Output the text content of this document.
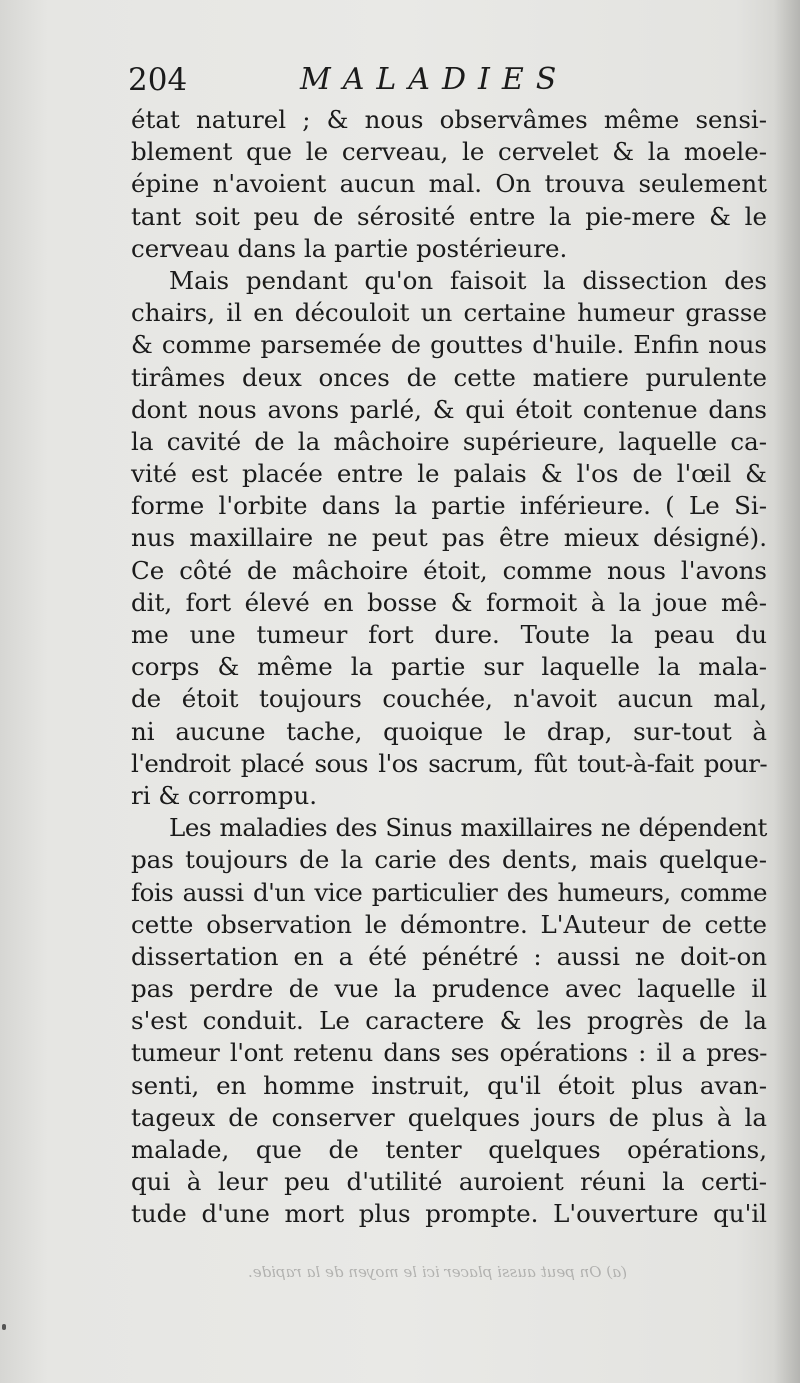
204	MALADIES
état naturel ; & nous observâmes même sensi-
blement que le cerveau, le cervelet & la moele-
épine n'avoient aucun mal. On trouva seulement
tant soit peu de sérosité entre la pie-mere & le
cerveau dans la partie postérieure.
Mais pendant qu'on faisoit la dissection des
chairs, il en découloit un certaine humeur grasse
& comme parsemée de gouttes d'huile. Enfin nous
tirâmes deux onces de cette matiere purulente
dont nous avons parlé, & qui étoit contenue dans
la cavité de la mâchoire supérieure, laquelle ca-
vité est placée entre le palais & l'os de l'œil &
forme l'orbite dans la partie inférieure. ( Le Si-
nus maxillaire ne peut pas être mieux désigné).
Ce côté de mâchoire étoit, comme nous l'avons
dit, fort élevé en bosse & formoit à la joue mê-
me une tumeur fort dure. Toute la peau du
corps & même la partie sur laquelle la mala-
de étoit toujours couchée, n'avoit aucun mal,
ni aucune tache, quoique le drap, sur-tout à
l'endroit placé sous l'os sacrum, fût tout-à-fait pour-
ri & corrompu.
Les maladies des Sinus maxillaires ne dépendent
pas toujours de la carie des dents, mais quelque-
fois aussi d'un vice particulier des humeurs, comme
cette observation le démontre. L'Auteur de cette
dissertation en a été pénétré : aussi ne doit-on
pas perdre de vue la prudence avec laquelle il
s'est conduit. Le caractere & les progrès de la
tumeur l'ont retenu dans ses opérations : il a pres-
senti, en homme instruit, qu'il étoit plus avan-
tageux de conserver quelques jours de plus à la
malade, que de tenter quelques opérations,
qui à leur peu d'utilité auroient réuni la certi-
tude d'une mort plus prompte. L'ouverture qu'il
(a) On peut aussi placer ici le moyen de la rapide.
